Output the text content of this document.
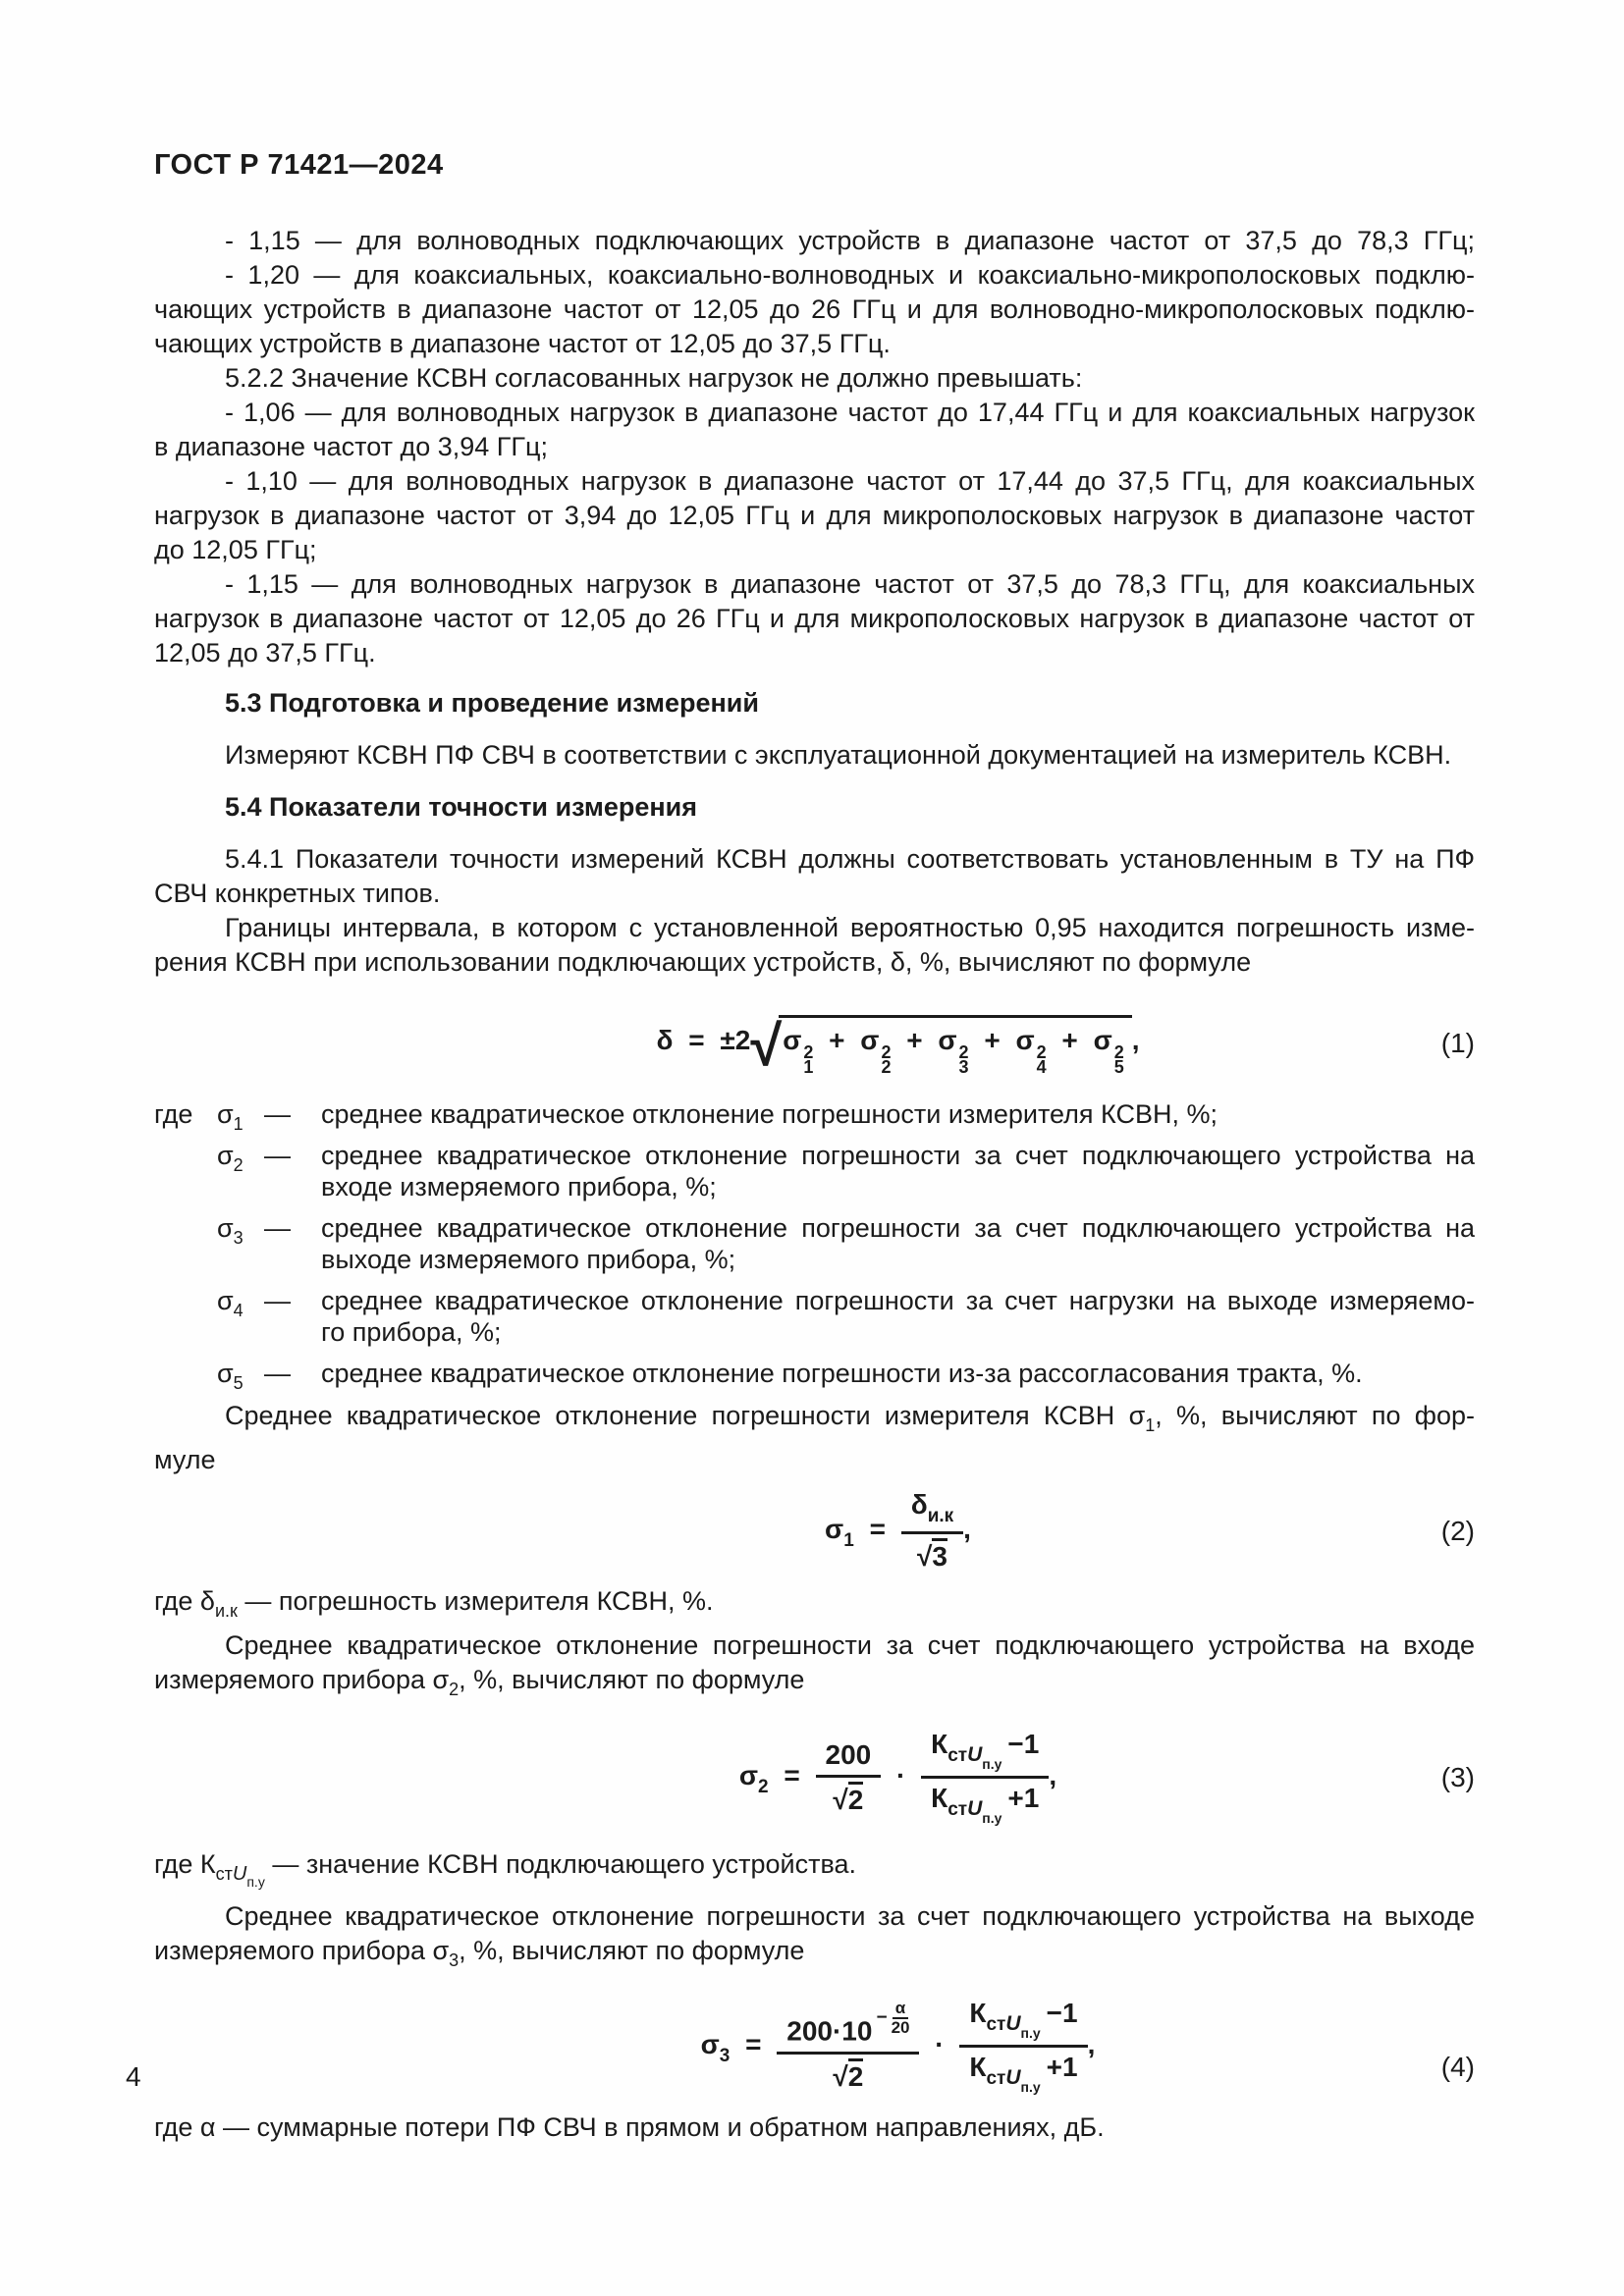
ГОСТ Р 71421—2024
- 1,15 — для волноводных подключающих устройств в диапазоне частот от 37,5 до 78,3 ГГц;
- 1,20 — для коаксиальных, коаксиально-волноводных и коаксиально-микрополосковых подклю-
чающих устройств в диапазоне частот от 12,05 до 26 ГГц и для волноводно-микрополосковых подклю-
чающих устройств в диапазоне частот от 12,05 до 37,5 ГГц.
5.2.2 Значение КСВН согласованных нагрузок не должно превышать:
- 1,06 — для волноводных нагрузок в диапазоне частот до 17,44 ГГц и для коаксиальных нагрузок
в диапазоне частот до 3,94 ГГц;
- 1,10 — для волноводных нагрузок в диапазоне частот от 17,44 до 37,5 ГГц, для коаксиальных
нагрузок в диапазоне частот от 3,94 до 12,05 ГГц и для микрополосковых нагрузок в диапазоне частот
до 12,05 ГГц;
- 1,15 — для волноводных нагрузок в диапазоне частот от 37,5 до 78,3 ГГц, для коаксиальных
нагрузок в диапазоне частот от 12,05 до 26 ГГц и для микрополосковых нагрузок в диапазоне частот от
12,05 до 37,5 ГГц.
5.3 Подготовка и проведение измерений
Измеряют КСВН ПФ СВЧ в соответствии с эксплуатационной документацией на измеритель КСВН.
5.4 Показатели точности измерения
5.4.1 Показатели точности измерений КСВН должны соответствовать установленным в ТУ на ПФ
СВЧ конкретных типов.
Границы интервала, в котором с установленной вероятностью 0,95 находится погрешность изме-
рения КСВН при использовании подключающих устройств, δ, %, вычисляют по формуле
δ = ±2√ σ 2
1
+ σ 2
2
+ σ 2
3
+ σ 2
4
+ σ 2
5
,	(1)
где $\sigma_1$ — среднее квадратическое отклонение погрешности измерителя КСВН, %;
$\sigma_2$ — среднее квадратическое отклонение погрешности за счет подключающего устройства на
входе измеряемого прибора, %;
$\sigma_3$ — среднее квадратическое отклонение погрешности за счет подключающего устройства на
выходе измеряемого прибора, %;
$\sigma_4$ — среднее квадратическое отклонение погрешности за счет нагрузки на выходе измеряемо-
го прибора, %;
$\sigma_5$ — среднее квадратическое отклонение погрешности из-за рассогласования тракта, %.
Среднее квадратическое отклонение погрешности измерителя КСВН $\sigma_1$, %, вычисляют по фор-
муле
$\sigma_1 = \frac{\delta_{и.к}}{√3}$ ,	(2)
где $\delta_{и.к}$ — погрешность измерителя КСВН, %.
Среднее квадратическое отклонение погрешности за счет подключающего устройства на входе
измеряемого прибора $\sigma_2$, %, вычисляют по формуле
$\sigma_2 = \frac{200}{√2} \cdot \frac{К_{стUп.у}-1}{К_{стUп.у}+1}$ ,	(3)
где $К_{стUп.у}$ — значение КСВН подключающего устройства.
Среднее квадратическое отклонение погрешности за счет подключающего устройства на выходе
измеряемого прибора $\sigma_3$, %, вычисляют по формуле
$\sigma_3 = 200\cdot 10$ $^{- \frac{\alpha}{20}}$
$√2 \cdot \frac{К_{стUп.у}-1}{К_{стUп.у}+1}$ ,
(4)
где α — суммарные потери ПФ СВЧ в прямом и обратном направлениях, дБ.
4
